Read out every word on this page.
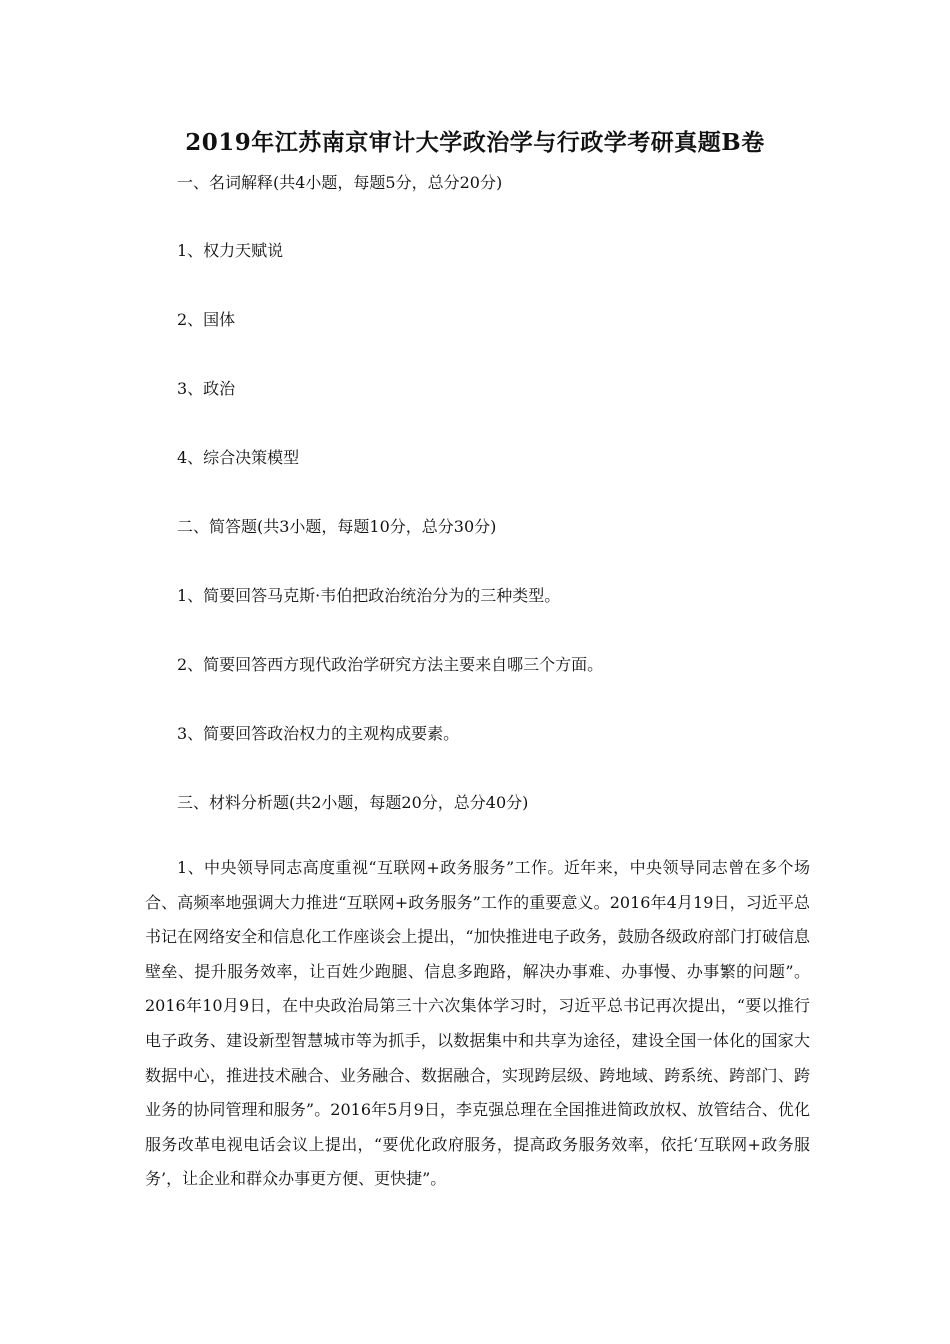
2019年江苏南京审计大学政治学与行政学考研真题B卷
一、名词解释(共4小题，每题5分，总分20分)
1、权力天赋说
2、国体
3、政治
4、综合决策模型
二、简答题(共3小题，每题10分，总分30分)
1、简要回答马克斯·韦伯把政治统治分为的三种类型。
2、简要回答西方现代政治学研究方法主要来自哪三个方面。
3、简要回答政治权力的主观构成要素。
三、材料分析题(共2小题，每题20分，总分40分)

1、中央领导同志高度重视“互联网+政务服务”工作。近年来，中央领导同志曾在多个场合、高频率地强调大力推进“互联网+政务服务”工作的重要意义。2016年4月19日，习近平总书记在网络安全和信息化工作座谈会上提出，“加快推进电子政务，鼓励各级政府部门打破信息壁垒、提升服务效率，让百姓少跑腿、信息多跑路，解决办事难、办事慢、办事繁的问题”。2016年10月9日，在中央政治局第三十六次集体学习时，习近平总书记再次提出，“要以推行电子政务、建设新型智慧城市等为抓手，以数据集中和共享为途径，建设全国一体化的国家大数据中心，推进技术融合、业务融合、数据融合，实现跨层级、跨地域、跨系统、跨部门、跨业务的协同管理和服务”。2016年5月9日，李克强总理在全国推进简政放权、放管结合、优化服务改革电视电话会议上提出，“要优化政府服务，提高政务服务效率，依托‘互联网+政务服务’，让企业和群众办事更方便、更快捷”。
